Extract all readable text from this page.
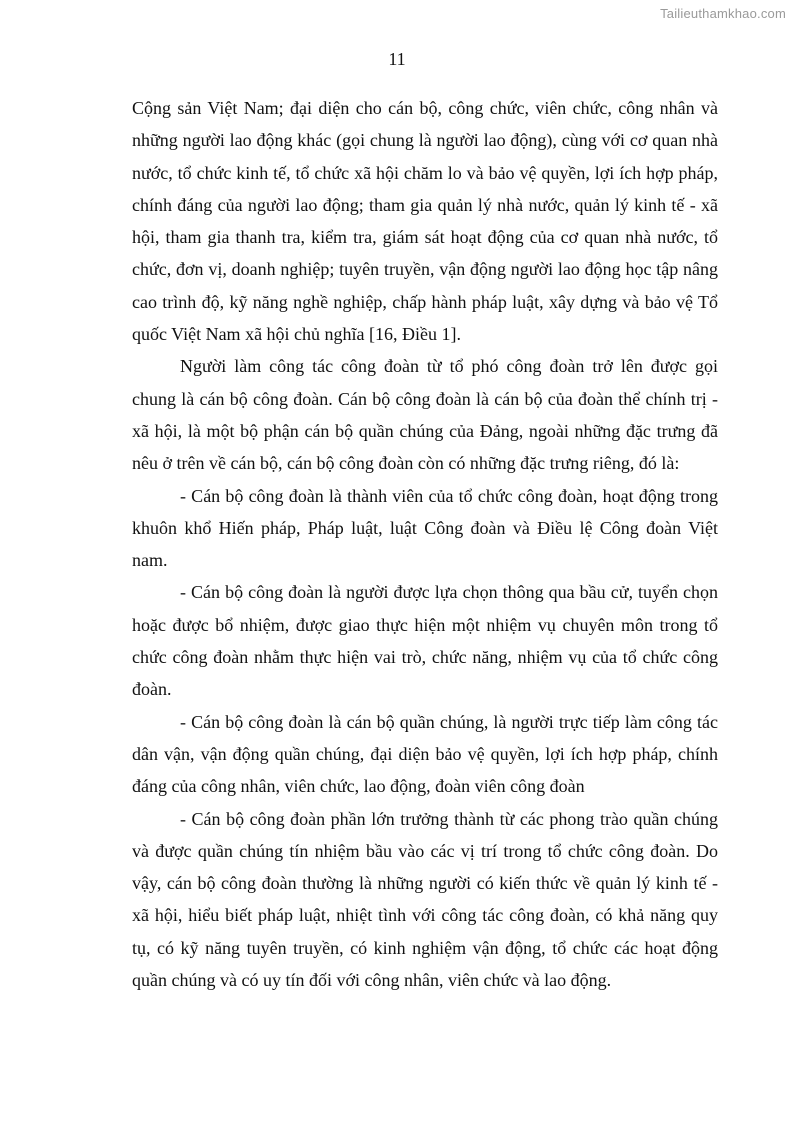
Tailieuthamkhao.com
11

Cộng sản Việt Nam; đại diện cho cán bộ, công chức, viên chức, công nhân và những người lao động khác (gọi chung là người lao động), cùng với cơ quan nhà nước, tổ chức kinh tế, tổ chức xã hội chăm lo và bảo vệ quyền, lợi ích hợp pháp, chính đáng của người lao động; tham gia quản lý nhà nước, quản lý kinh tế - xã hội, tham gia thanh tra, kiểm tra, giám sát hoạt động của cơ quan nhà nước, tổ chức, đơn vị, doanh nghiệp; tuyên truyền, vận động người lao động học tập nâng cao trình độ, kỹ năng nghề nghiệp, chấp hành pháp luật, xây dựng và bảo vệ Tổ quốc Việt Nam xã hội chủ nghĩa [16, Điều 1].

Người làm công tác công đoàn từ tổ phó công đoàn trở lên được gọi chung là cán bộ công đoàn. Cán bộ công đoàn là cán bộ của đoàn thể chính trị - xã hội, là một bộ phận cán bộ quần chúng của Đảng, ngoài những đặc trưng đã nêu ở trên về cán bộ, cán bộ công đoàn còn có những đặc trưng riêng, đó là:

- Cán bộ công đoàn là thành viên của tổ chức công đoàn, hoạt động trong khuôn khổ Hiến pháp, Pháp luật, luật Công đoàn và Điều lệ Công đoàn Việt nam.

- Cán bộ công đoàn là người được lựa chọn thông qua bầu cử, tuyển chọn hoặc được bổ nhiệm, được giao thực hiện một nhiệm vụ chuyên môn trong tổ chức công đoàn nhằm thực hiện vai trò, chức năng, nhiệm vụ của tổ chức công đoàn.

- Cán bộ công đoàn là cán bộ quần chúng, là người trực tiếp làm công tác dân vận, vận động quần chúng, đại diện bảo vệ quyền, lợi ích hợp pháp, chính đáng của công nhân, viên chức, lao động, đoàn viên công đoàn

- Cán bộ công đoàn phần lớn trưởng thành từ các phong trào quần chúng và được quần chúng tín nhiệm bầu vào các vị trí trong tổ chức công đoàn. Do vậy, cán bộ công đoàn thường là những người có kiến thức về quản lý kinh tế - xã hội, hiểu biết pháp luật, nhiệt tình với công tác công đoàn, có khả năng quy tụ, có kỹ năng tuyên truyền, có kinh nghiệm vận động, tổ chức các hoạt động quần chúng và có uy tín đối với công nhân, viên chức và lao động.
